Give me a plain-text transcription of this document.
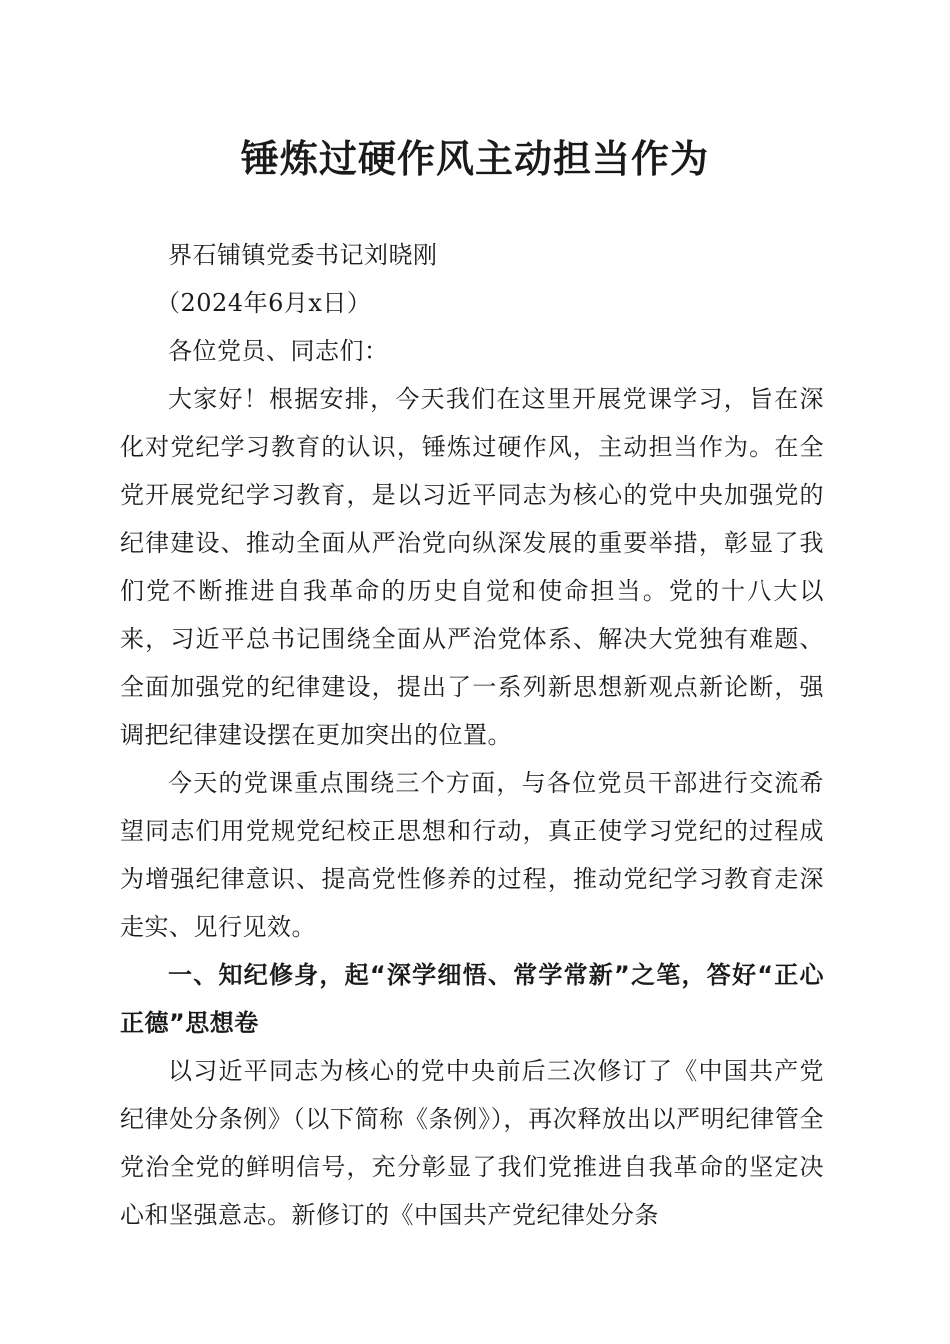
锤炼过硬作风主动担当作为

界石铺镇党委书记刘晓刚

（2024年6月x日）

各位党员、同志们：

大家好！根据安排，今天我们在这里开展党课学习，旨在深化对党纪学习教育的认识，锤炼过硬作风，主动担当作为。在全党开展党纪学习教育，是以习近平同志为核心的党中央加强党的纪律建设、推动全面从严治党向纵深发展的重要举措，彰显了我们党不断推进自我革命的历史自觉和使命担当。党的十八大以来，习近平总书记围绕全面从严治党体系、解决大党独有难题、全面加强党的纪律建设，提出了一系列新思想新观点新论断，强调把纪律建设摆在更加突出的位置。

今天的党课重点围绕三个方面，与各位党员干部进行交流希望同志们用党规党纪校正思想和行动，真正使学习党纪的过程成为增强纪律意识、提高党性修养的过程，推动党纪学习教育走深走实、见行见效。

一、知纪修身，起“深学细悟、常学常新”之笔，答好“正心正德”思想卷

以习近平同志为核心的党中央前后三次修订了《中国共产党纪律处分条例》（以下简称《条例》），再次释放出以严明纪律管全党治全党的鲜明信号，充分彰显了我们党推进自我革命的坚定决心和坚强意志。新修订的《中国共产党纪律处分条
